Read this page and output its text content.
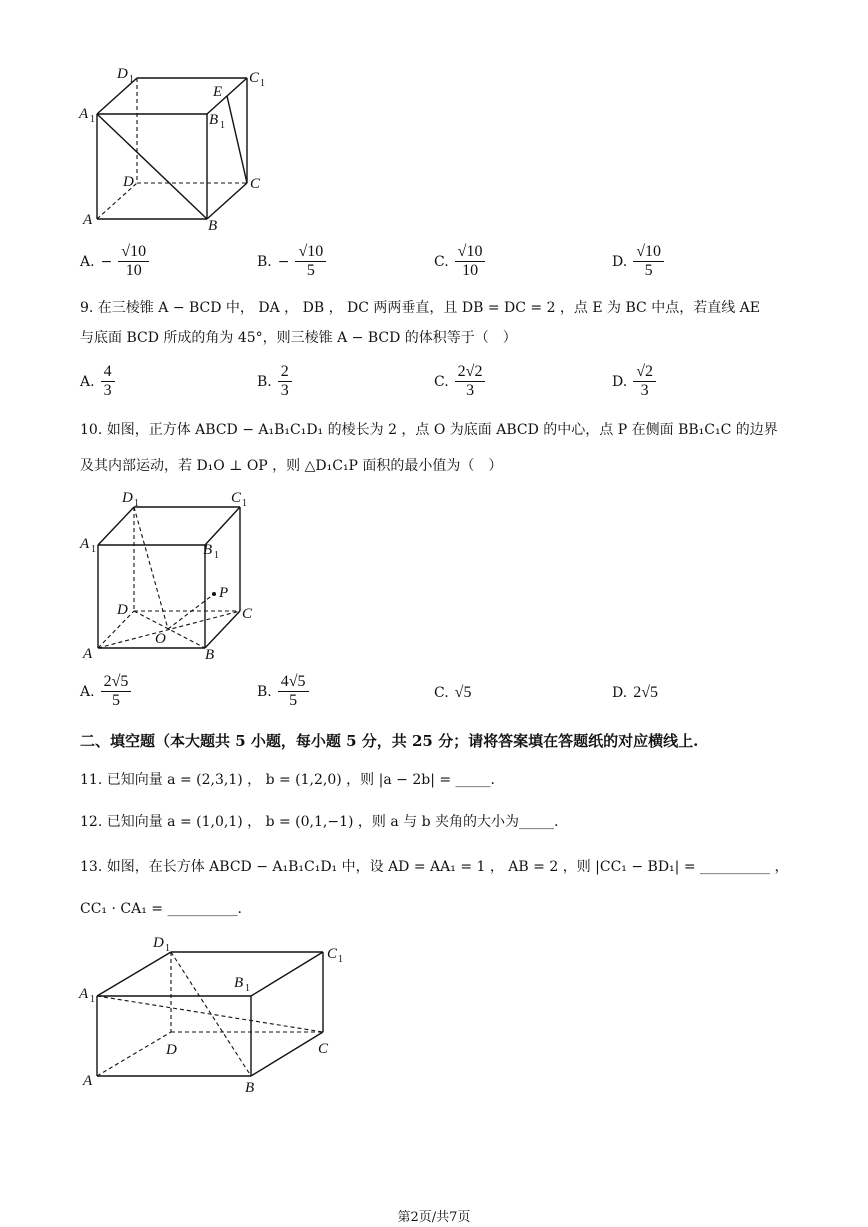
D 1	C 1
E
A 1	B 1
D	C
A	B
A. − $\frac{√10}{10}$	B. − $\frac{√10}{5}$	C. $\frac{√10}{10}$	D. $\frac{√10}{5}$
9. 在三棱锥 A − BCD 中， DA ， DB ， DC 两两垂直，且 DB = DC = 2 ，点 E 为 BC 中点，若直线 AE
与底面 BCD 所成的角为 45°，则三棱锥 A − BCD 的体积等于（　）
A. $\frac{4}{3}$	B. $\frac{2}{3}$	C. $\frac{2√2}{3}$	D. $\frac{√2}{3}$
10. 如图，正方体 ABCD − A₁B₁C₁D₁ 的棱长为 2 ，点 O 为底面 ABCD 的中心，点 P 在侧面 BB₁C₁C 的边界
及其内部运动，若 D₁O ⊥ OP ，则 △D₁C₁P 面积的最小值为（　）
D 1	C 1
A 1	B 1
P
D	C
O
A	B
A. $\frac{2√5}{5}$	B. $\frac{4√5}{5}$	C. √5	D. 2√5
二、填空题（本大题共 5 小题，每小题 5 分，共 25 分；请将答案填在答题纸的对应横线上.
11. 已知向量 a = (2,3,1) ， b = (1,2,0) ，则 |a − 2b| = _____.
12. 已知向量 a = (1,0,1) ， b = (0,1,−1) ，则 a 与 b 夹角的大小为_____.
13. 如图，在长方体 ABCD − A₁B₁C₁D₁ 中，设 AD = AA₁ = 1 ， AB = 2 ，则 |CC₁ − BD₁| = __________ ，
CC₁ · CA₁ = __________.
D 1	C 1
A 1
B 1
D	C
A	B
第2页/共7页
